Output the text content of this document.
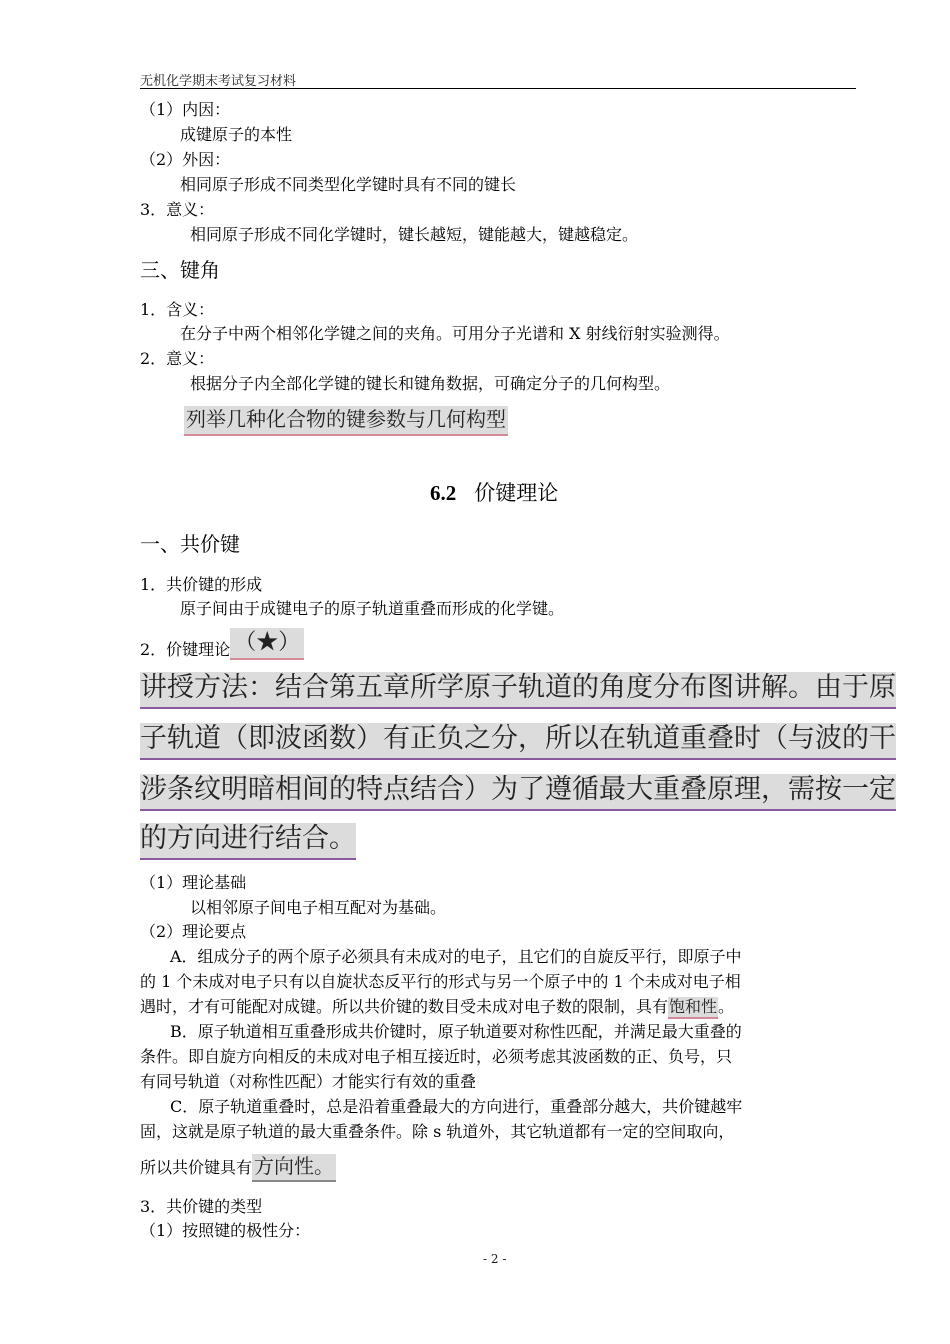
无机化学期末考试复习材料
（1）内因：
成键原子的本性
（2）外因：
相同原子形成不同类型化学键时具有不同的键长
3．意义：
相同原子形成不同化学键时，键长越短，键能越大，键越稳定。
三、键角
1．含义：
在分子中两个相邻化学键之间的夹角。可用分子光谱和 X 射线衍射实验测得。
2．意义：
根据分子内全部化学键的键长和键角数据，可确定分子的几何构型。
列举几种化合物的键参数与几何构型
6.2 价键理论
一、共价键
1．共价键的形成
原子间由于成键电子的原子轨道重叠而形成的化学键。
2．价键理论 （★）
讲授方法：结合第五章所学原子轨道的角度分布图讲解。由于原
子轨道（即波函数）有正负之分，所以在轨道重叠时（与波的干
涉条纹明暗相间的特点结合）为了遵循最大重叠原理，需按一定
的方向进行结合。
（1）理论基础
以相邻原子间电子相互配对为基础。
（2）理论要点
A．组成分子的两个原子必须具有未成对的电子，且它们的自旋反平行，即原子中
的 1 个未成对电子只有以自旋状态反平行的形式与另一个原子中的 1 个未成对电子相
遇时，才有可能配对成键。所以共价键的数目受未成对电子数的限制，具有饱和性。
B．原子轨道相互重叠形成共价键时，原子轨道要对称性匹配，并满足最大重叠的
条件。即自旋方向相反的未成对电子相互接近时，必须考虑其波函数的正、负号，只
有同号轨道（对称性匹配）才能实行有效的重叠
C．原子轨道重叠时，总是沿着重叠最大的方向进行，重叠部分越大，共价键越牢
固，这就是原子轨道的最大重叠条件。除 s 轨道外，其它轨道都有一定的空间取向，
所以共价键具有 方向性。
3．共价键的类型
（1）按照键的极性分：
- 2 -
